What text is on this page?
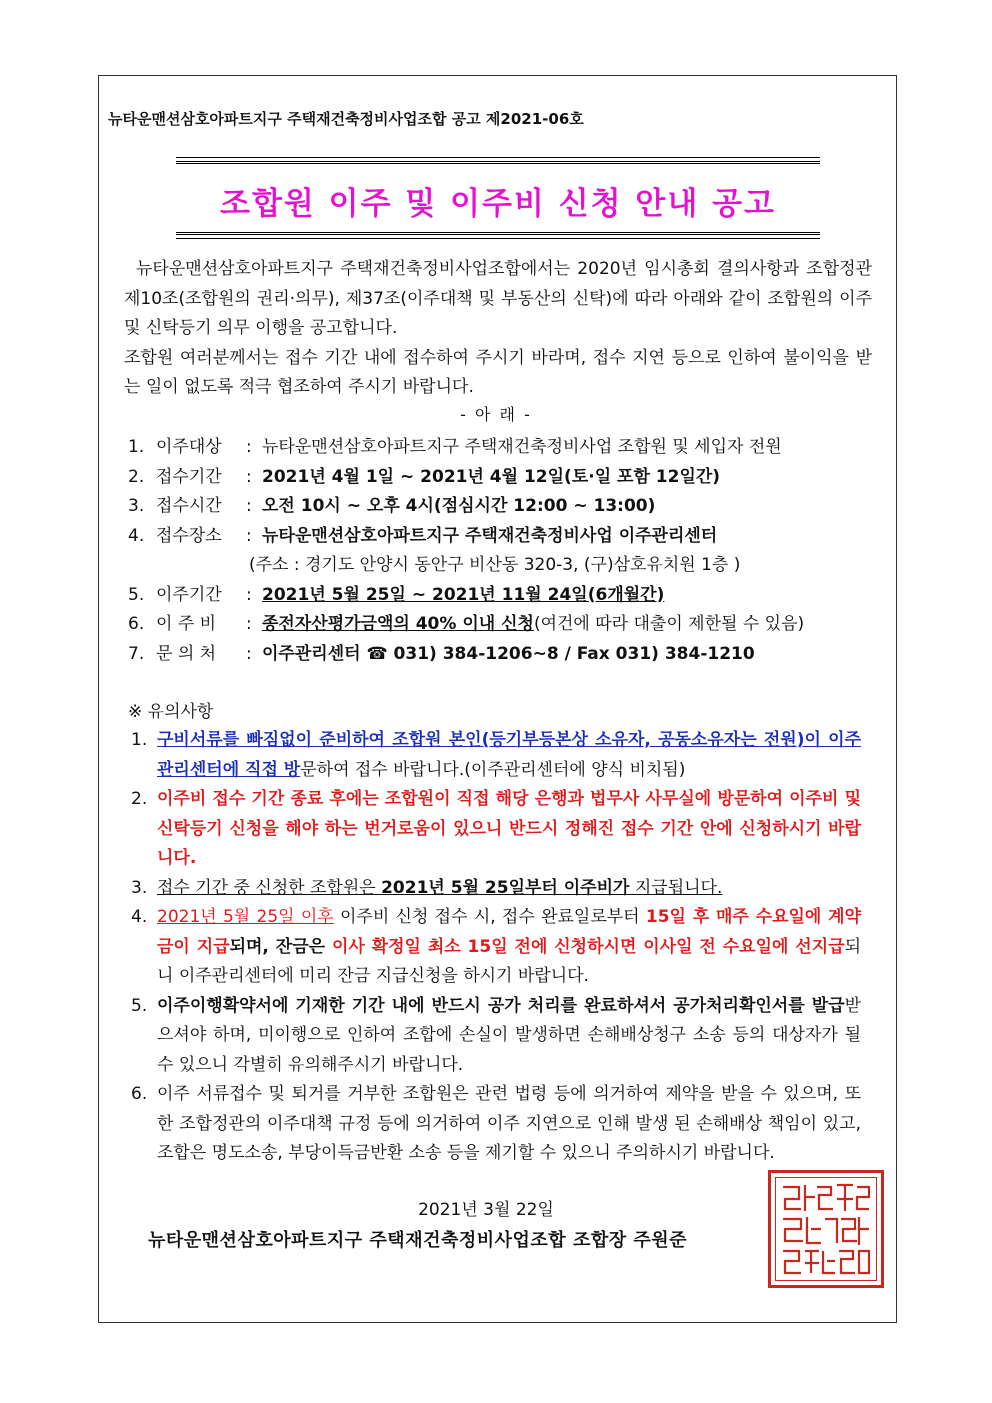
뉴타운맨션삼호아파트지구 주택재건축정비사업조합 공고 제2021-06호
조합원 이주 및 이주비 신청 안내 공고

뉴타운맨션삼호아파트지구 주택재건축정비사업조합에서는 2020년 임시총회 결의사항과 조합정관 제10조(조합원의 권리·의무), 제37조(이주대책 및 부동산의 신탁)에 따라 아래와 같이 조합원의 이주 및 신탁등기 의무 이행을 공고합니다.

조합원 여러분께서는 접수 기간 내에 접수하여 주시기 바라며, 접수 지연 등으로 인하여 불이익을 받는 일이 없도록 적극 협조하여 주시기 바랍니다.

- 아 래 -
1. 이주대상	: 뉴타운맨션삼호아파트지구 주택재건축정비사업 조합원 및 세입자 전원
2. 접수기간	: 2021년 4월 1일 ~ 2021년 4월 12일(토·일 포함 12일간)
3. 접수시간	: 오전 10시 ~ 오후 4시(점심시간 12:00 ~ 13:00)
4. 접수장소	: 뉴타운맨션삼호아파트지구 주택재건축정비사업 이주관리센터
(주소 : 경기도 안양시 동안구 비산동 320-3, (구)삼호유치원 1층 )
5. 이주기간	: 2021년 5월 25일 ~ 2021년 11월 24일(6개월간)
6. 이 주 비	: 종전자산평가금액의 40% 이내 신청 (여건에 따라 대출이 제한될 수 있음)
7. 문 의 처	: 이주관리센터 ☎ 031) 384-1206~8 / Fax 031) 384-1210
※ 유의사항
1. 구비서류를 빠짐없이 준비하여 조합원 본인(등기부등본상 소유자, 공동소유자는 전원)이 이주관리센터에 직접 방문하여 접수 바랍니다.(이주관리센터에 양식 비치됨)
2. 이주비 접수 기간 종료 후에는 조합원이 직접 해당 은행과 법무사 사무실에 방문하여 이주비 및 신탁등기 신청을 해야 하는 번거로움이 있으니 반드시 정해진 접수 기간 안에 신청하시기 바랍니다.
3. 접수 기간 중 신청한 조합원은 2021년 5월 25일부터 이주비가 지급됩니다.
4. 2021년 5월 25일 이후 이주비 신청 접수 시, 접수 완료일로부터 15일 후 매주 수요일에 계약금이 지급되며, 잔금은 이사 확정일 최소 15일 전에 신청하시면 이사일 전 수요일에 선지급되니 이주관리센터에 미리 잔금 지급신청을 하시기 바랍니다.
5. 이주이행확약서에 기재한 기간 내에 반드시 공가 처리를 완료하셔서 공가처리확인서를 발급받으셔야 하며, 미이행으로 인하여 조합에 손실이 발생하면 손해배상청구 소송 등의 대상자가 될 수 있으니 각별히 유의해주시기 바랍니다.
6. 이주 서류접수 및 퇴거를 거부한 조합원은 관련 법령 등에 의거하여 제약을 받을 수 있으며, 또한 조합정관의 이주대책 규정 등에 의거하여 이주 지연으로 인해 발생 된 손해배상 책임이 있고, 조합은 명도소송, 부당이득금반환 소송 등을 제기할 수 있으니 주의하시기 바랍니다.
2021년 3월 22일
뉴타운맨션삼호아파트지구 주택재건축정비사업조합 조합장 주원준
